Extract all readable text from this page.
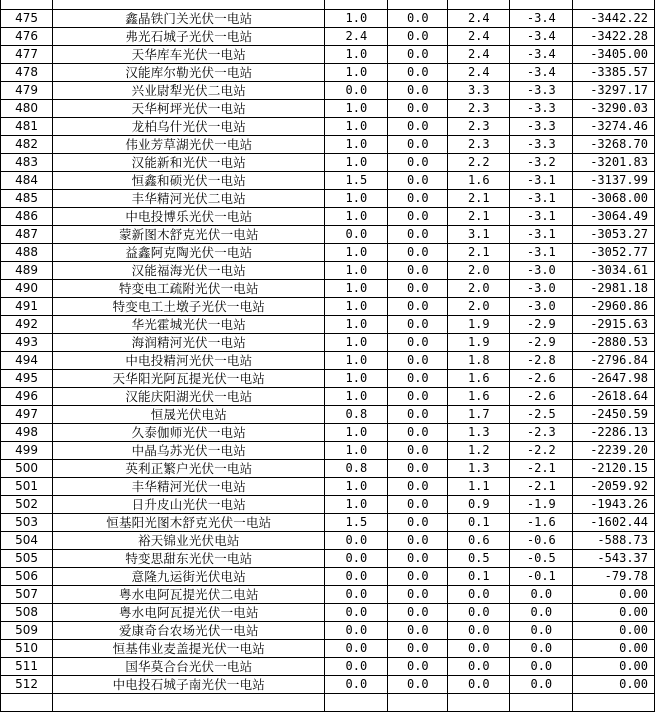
475	鑫晶铁门关光伏一电站	1.0	0.0	2.4	-3.4	-3442.22
476	弗光石城子光伏一电站	2.4	0.0	2.4	-3.4	-3422.28
477	天华库车光伏一电站	1.0	0.0	2.4	-3.4	-3405.00
478	汉能库尔勒光伏一电站	1.0	0.0	2.4	-3.4	-3385.57
479	兴业尉犁光伏二电站	0.0	0.0	3.3	-3.3	-3297.17
480	天华柯坪光伏一电站	1.0	0.0	2.3	-3.3	-3290.03
481	龙柏乌什光伏一电站	1.0	0.0	2.3	-3.3	-3274.46
482	伟业芳草湖光伏一电站	1.0	0.0	2.3	-3.3	-3268.70
483	汉能新和光伏一电站	1.0	0.0	2.2	-3.2	-3201.83
484	恒鑫和硕光伏一电站	1.5	0.0	1.6	-3.1	-3137.99
485	丰华精河光伏二电站	1.0	0.0	2.1	-3.1	-3068.00
486	中电投博乐光伏一电站	1.0	0.0	2.1	-3.1	-3064.49
487	蒙新图木舒克光伏一电站	0.0	0.0	3.1	-3.1	-3053.27
488	益鑫阿克陶光伏一电站	1.0	0.0	2.1	-3.1	-3052.77
489	汉能福海光伏一电站	1.0	0.0	2.0	-3.0	-3034.61
490	特变电工疏附光伏一电站	1.0	0.0	2.0	-3.0	-2981.18
491	特变电工土墩子光伏一电站	1.0	0.0	2.0	-3.0	-2960.86
492	华光霍城光伏一电站	1.0	0.0	1.9	-2.9	-2915.63
493	海润精河光伏一电站	1.0	0.0	1.9	-2.9	-2880.53
494	中电投精河光伏一电站	1.0	0.0	1.8	-2.8	-2796.84
495	天华阳光阿瓦提光伏一电站	1.0	0.0	1.6	-2.6	-2647.98
496	汉能庆阳湖光伏一电站	1.0	0.0	1.6	-2.6	-2618.64
497	恒晟光伏电站	0.8	0.0	1.7	-2.5	-2450.59
498	久泰伽师光伏一电站	1.0	0.0	1.3	-2.3	-2286.13
499	中晶乌苏光伏一电站	1.0	0.0	1.2	-2.2	-2239.20
500	英利正繁户光伏一电站	0.8	0.0	1.3	-2.1	-2120.15
501	丰华精河光伏一电站	1.0	0.0	1.1	-2.1	-2059.92
502	日升皮山光伏一电站	1.0	0.0	0.9	-1.9	-1943.26
503	恒基阳光图木舒克光伏一电站	1.5	0.0	0.1	-1.6	-1602.44
504	裕天锦业光伏电站	0.0	0.0	0.6	-0.6	-588.73
505	特变思甜东光伏一电站	0.0	0.0	0.5	-0.5	-543.37
506	意隆九运街光伏电站	0.0	0.0	0.1	-0.1	-79.78
507	粤水电阿瓦提光伏二电站	0.0	0.0	0.0	0.0	0.00
508	粤水电阿瓦提光伏一电站	0.0	0.0	0.0	0.0	0.00
509	爱康奇台农场光伏一电站	0.0	0.0	0.0	0.0	0.00
510	恒基伟业麦盖提光伏一电站	0.0	0.0	0.0	0.0	0.00
511	国华莫合台光伏一电站	0.0	0.0	0.0	0.0	0.00
512	中电投石城子南光伏一电站	0.0	0.0	0.0	0.0	0.00
